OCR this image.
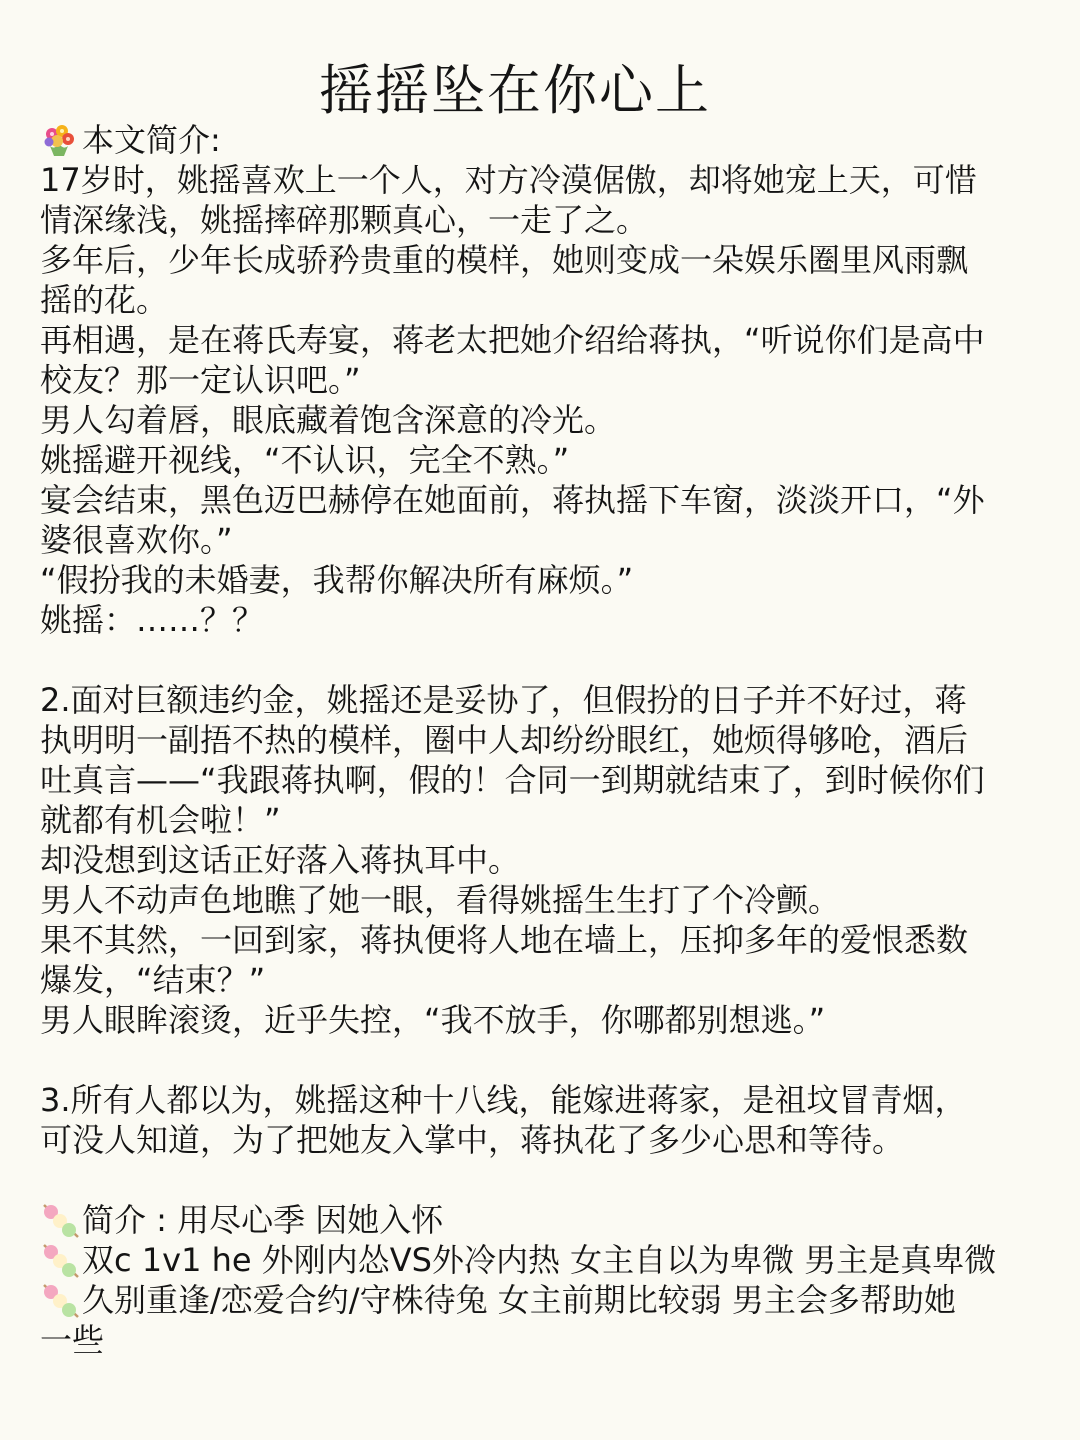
摇摇坠在你心上
本文简介:
17岁时，姚摇喜欢上一个人，对方冷漠倨傲，却将她宠上天，可惜
情深缘浅，姚摇摔碎那颗真心，一走了之。
多年后，少年长成骄矜贵重的模样，她则变成一朵娱乐圈里风雨飘
摇的花。
再相遇，是在蒋氏寿宴，蒋老太把她介绍给蒋执，“听说你们是高中
校友？那一定认识吧。”
男人勾着唇，眼底藏着饱含深意的冷光。
姚摇避开视线，“不认识，完全不熟。”
宴会结束，黑色迈巴赫停在她面前，蒋执摇下车窗，淡淡开口，“外
婆很喜欢你。”
“假扮我的未婚妻，我帮你解决所有麻烦。”
姚摇：……？？
2.面对巨额违约金，姚摇还是妥协了，但假扮的日子并不好过，蒋
执明明一副捂不热的模样，圈中人却纷纷眼红，她烦得够呛，酒后
吐真言——“我跟蒋执啊，假的！合同一到期就结束了，到时候你们
就都有机会啦！”
却没想到这话正好落入蒋执耳中。
男人不动声色地瞧了她一眼，看得姚摇生生打了个冷颤。
果不其然，一回到家，蒋执便将人地在墙上，压抑多年的爱恨悉数
爆发，“结束？”
男人眼眸滚烫，近乎失控，“我不放手，你哪都别想逃。”
3.所有人都以为，姚摇这种十八线，能嫁进蒋家，是祖坟冒青烟，
可没人知道，为了把她友入掌中，蒋执花了多少心思和等待。
简介 : 用尽心季 因她入怀
双c 1v1 he 外刚内怂VS外冷内热 女主自以为卑微 男主是真卑微
久别重逢/恋爱合约/守株待兔 女主前期比较弱 男主会多帮助她
一些
